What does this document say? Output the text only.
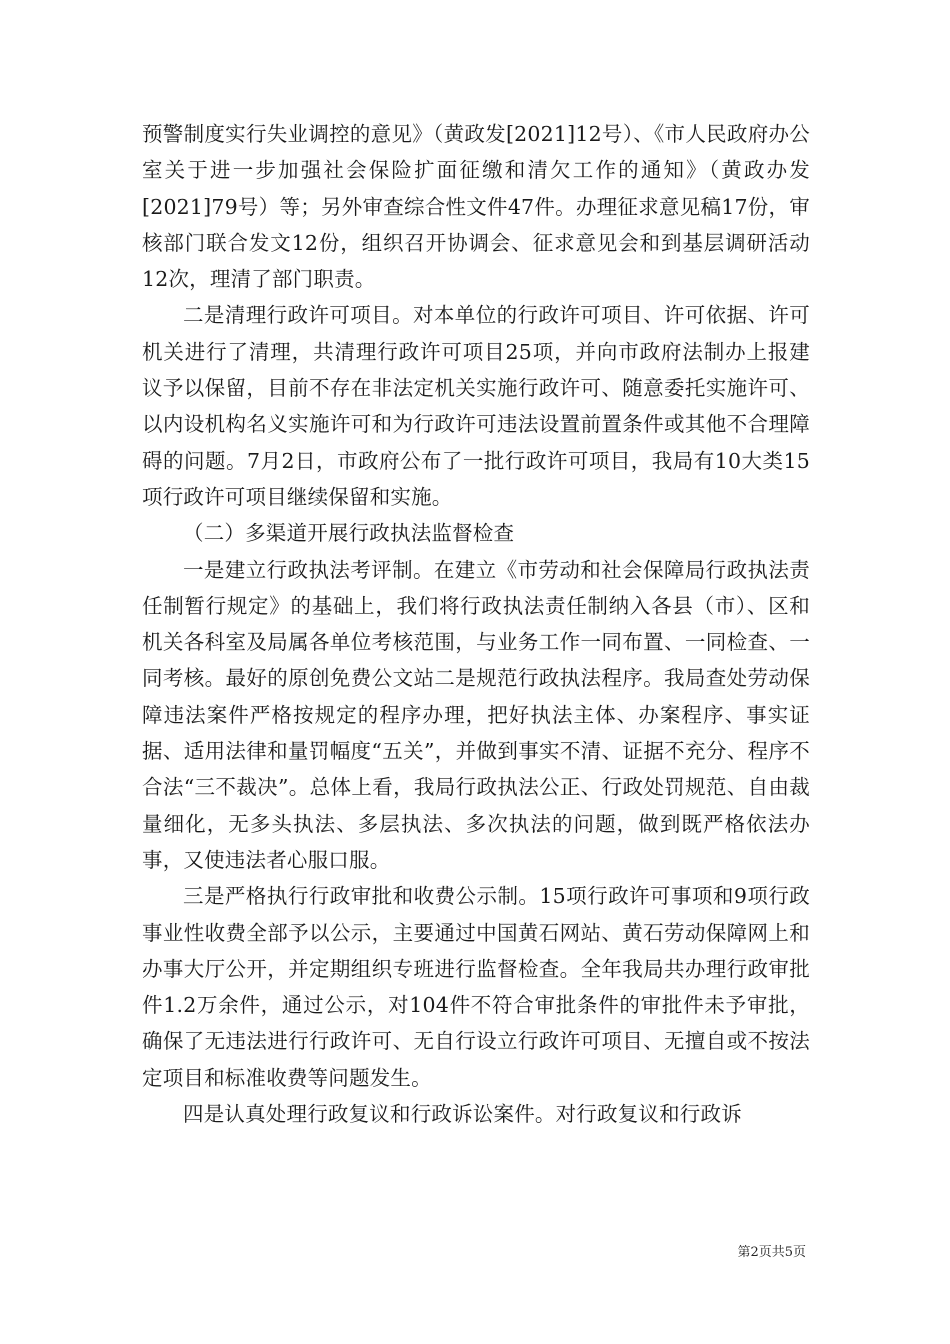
预警制度实行失业调控的意见》（黄政发[2021]12号）、《市人民政府办公室关于进一步加强社会保险扩面征缴和清欠工作的通知》（黄政办发[2021]79号）等；另外审查综合性文件47件。办理征求意见稿17份，审核部门联合发文12份，组织召开协调会、征求意见会和到基层调研活动12次，理清了部门职责。

二是清理行政许可项目。对本单位的行政许可项目、许可依据、许可机关进行了清理，共清理行政许可项目25项，并向市政府法制办上报建议予以保留，目前不存在非法定机关实施行政许可、随意委托实施许可、以内设机构名义实施许可和为行政许可违法设置前置条件或其他不合理障碍的问题。7月2日，市政府公布了一批行政许可项目，我局有10大类15项行政许可项目继续保留和实施。

（二）多渠道开展行政执法监督检查

一是建立行政执法考评制。在建立《市劳动和社会保障局行政执法责任制暂行规定》的基础上，我们将行政执法责任制纳入各县（市）、区和机关各科室及局属各单位考核范围，与业务工作一同布置、一同检查、一同考核。最好的原创免费公文站二是规范行政执法程序。我局查处劳动保障违法案件严格按规定的程序办理，把好执法主体、办案程序、事实证据、适用法律和量罚幅度“五关”，并做到事实不清、证据不充分、程序不合法“三不裁决”。总体上看，我局行政执法公正、行政处罚规范、自由裁量细化，无多头执法、多层执法、多次执法的问题，做到既严格依法办事，又使违法者心服口服。

三是严格执行行政审批和收费公示制。15项行政许可事项和9项行政事业性收费全部予以公示，主要通过中国黄石网站、黄石劳动保障网上和办事大厅公开，并定期组织专班进行监督检查。全年我局共办理行政审批件1.2万余件，通过公示，对104件不符合审批条件的审批件未予审批，确保了无违法进行行政许可、无自行设立行政许可项目、无擅自或不按法定项目和标准收费等问题发生。

四是认真处理行政复议和行政诉讼案件。对行政复议和行政诉

第2页共5页
